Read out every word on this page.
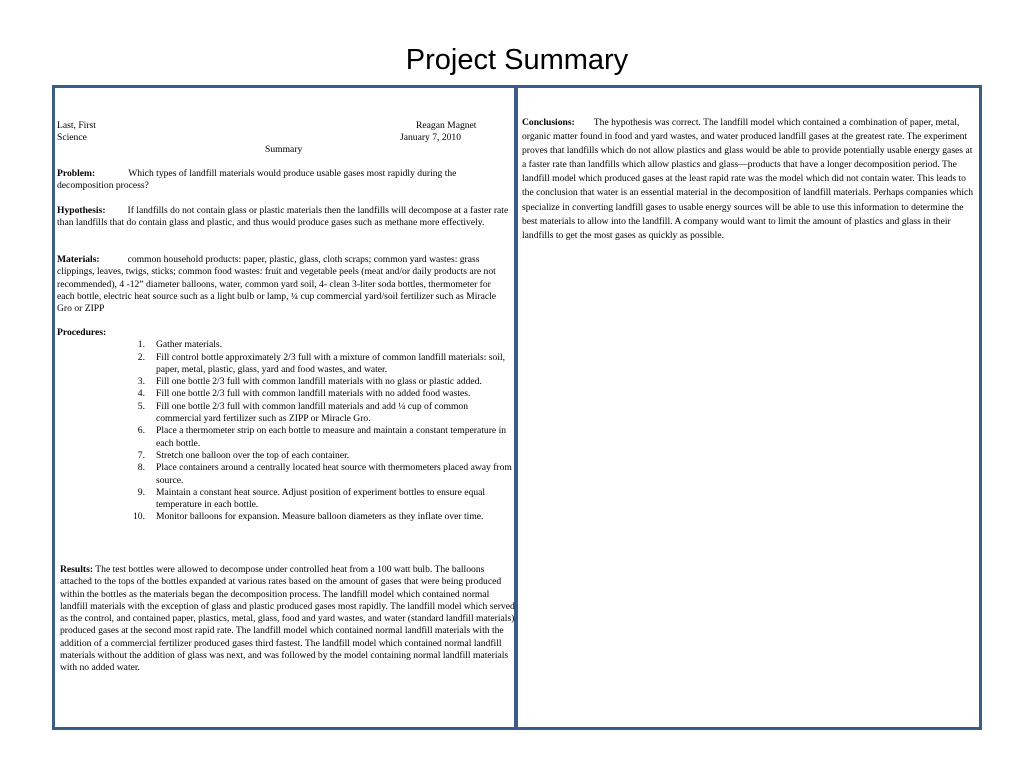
Project Summary
Last, First
Science
Reagan Magnet
January 7, 2010
Summary
Problem:	Which types of landfill materials would produce usable gases most rapidly during the decomposition process?
Hypothesis: If landfills do not contain glass or plastic materials then the landfills will decompose at a faster rate than landfills that do contain glass and plastic, and thus would produce gases such as methane more effectively.
Materials:	common household products: paper, plastic, glass, cloth scraps; common yard wastes: grass clippings, leaves, twigs, sticks; common food wastes: fruit and vegetable peels (meat and/or daily products are not recommended), 4 -12” diameter balloons, water, common yard soil, 4- clean 3-liter soda bottles, thermometer for each bottle, electric heat source such as a light bulb or lamp, ¼ cup commercial yard/soil fertilizer such as Miracle Gro or ZIPP
Procedures:
1. Gather materials.
2. Fill control bottle approximately 2/3 full with a mixture of common landfill materials: soil, paper, metal, plastic, glass, yard and food wastes, and water.
3. Fill one bottle 2/3 full with common landfill materials with no glass or plastic added.
4. Fill one bottle 2/3 full with common landfill materials with no added food wastes.
5. Fill one bottle 2/3 full with common landfill materials and add ¼ cup of common commercial yard fertilizer such as ZIPP or Miracle Gro.
6. Place a thermometer strip on each bottle to measure and maintain a constant temperature in each bottle.
7. Stretch one balloon over the top of each container.
8. Place containers around a centrally located heat source with thermometers placed away from source.
9. Maintain a constant heat source. Adjust position of experiment bottles to ensure equal temperature in each bottle.
10. Monitor balloons for expansion. Measure balloon diameters as they inflate over time.
Results: The test bottles were allowed to decompose under controlled heat from a 100 watt bulb. The balloons attached to the tops of the bottles expanded at various rates based on the amount of gases that were being produced within the bottles as the materials began the decomposition process. The landfill model which contained normal landfill materials with the exception of glass and plastic produced gases most rapidly. The landfill model which served as the control, and contained paper, plastics, metal, glass, food and yard wastes, and water (standard landfill materials) produced gases at the second most rapid rate. The landfill model which contained normal landfill materials with the addition of a commercial fertilizer produced gases third fastest. The landfill model which contained normal landfill materials without the addition of glass was next, and was followed by the model containing normal landfill materials with no added water.
Conclusions: The hypothesis was correct. The landfill model which contained a combination of paper, metal, organic matter found in food and yard wastes, and water produced landfill gases at the greatest rate. The experiment proves that landfills which do not allow plastics and glass would be able to provide potentially usable energy gases at a faster rate than landfills which allow plastics and glass—products that have a longer decomposition period. The landfill model which produced gases at the least rapid rate was the model which did not contain water. This leads to the conclusion that water is an essential material in the decomposition of landfill materials. Perhaps companies which specialize in converting landfill gases to usable energy sources will be able to use this information to determine the best materials to allow into the landfill. A company would want to limit the amount of plastics and glass in their landfills to get the most gases as quickly as possible.
